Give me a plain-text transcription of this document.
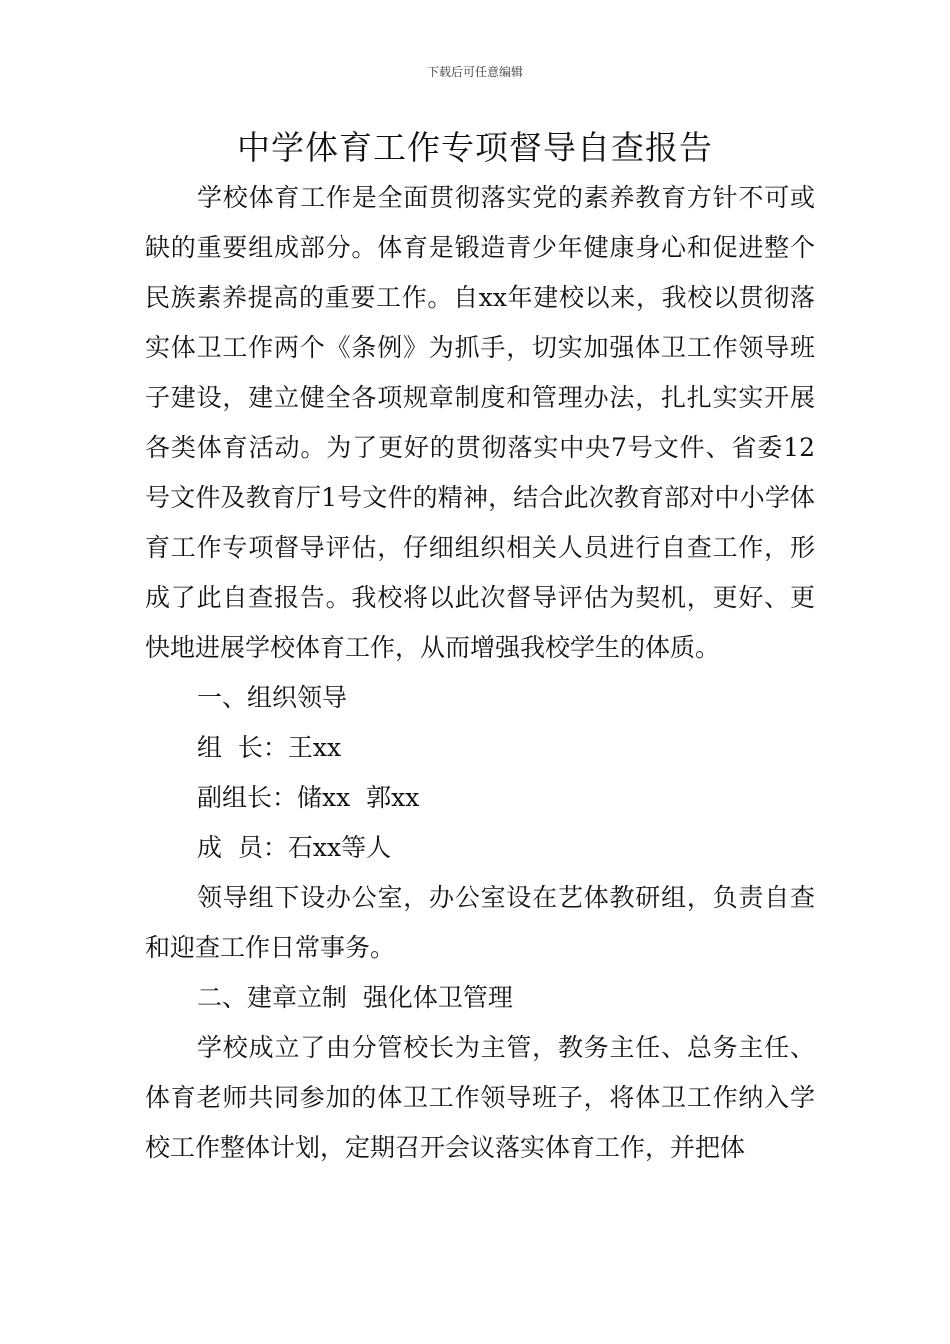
下载后可任意编辑
中学体育工作专项督导自查报告

学校体育工作是全面贯彻落实党的素养教育方针不可或缺的重要组成部分。体育是锻造青少年健康身心和促进整个民族素养提高的重要工作。自xx年建校以来，我校以贯彻落实体卫工作两个《条例》为抓手，切实加强体卫工作领导班子建设，建立健全各项规章制度和管理办法，扎扎实实开展各类体育活动。为了更好的贯彻落实中央7号文件、省委12号文件及教育厅1号文件的精神，结合此次教育部对中小学体育工作专项督导评估，仔细组织相关人员进行自查工作，形成了此自查报告。我校将以此次督导评估为契机，更好、更快地进展学校体育工作，从而增强我校学生的体质。

一、组织领导

组  长：王xx

副组长：储xx  郭xx

成  员：石xx等人

领导组下设办公室，办公室设在艺体教研组，负责自查和迎查工作日常事务。

二、建章立制  强化体卫管理

学校成立了由分管校长为主管，教务主任、总务主任、体育老师共同参加的体卫工作领导班子，将体卫工作纳入学校工作整体计划，定期召开会议落实体育工作，并把体
